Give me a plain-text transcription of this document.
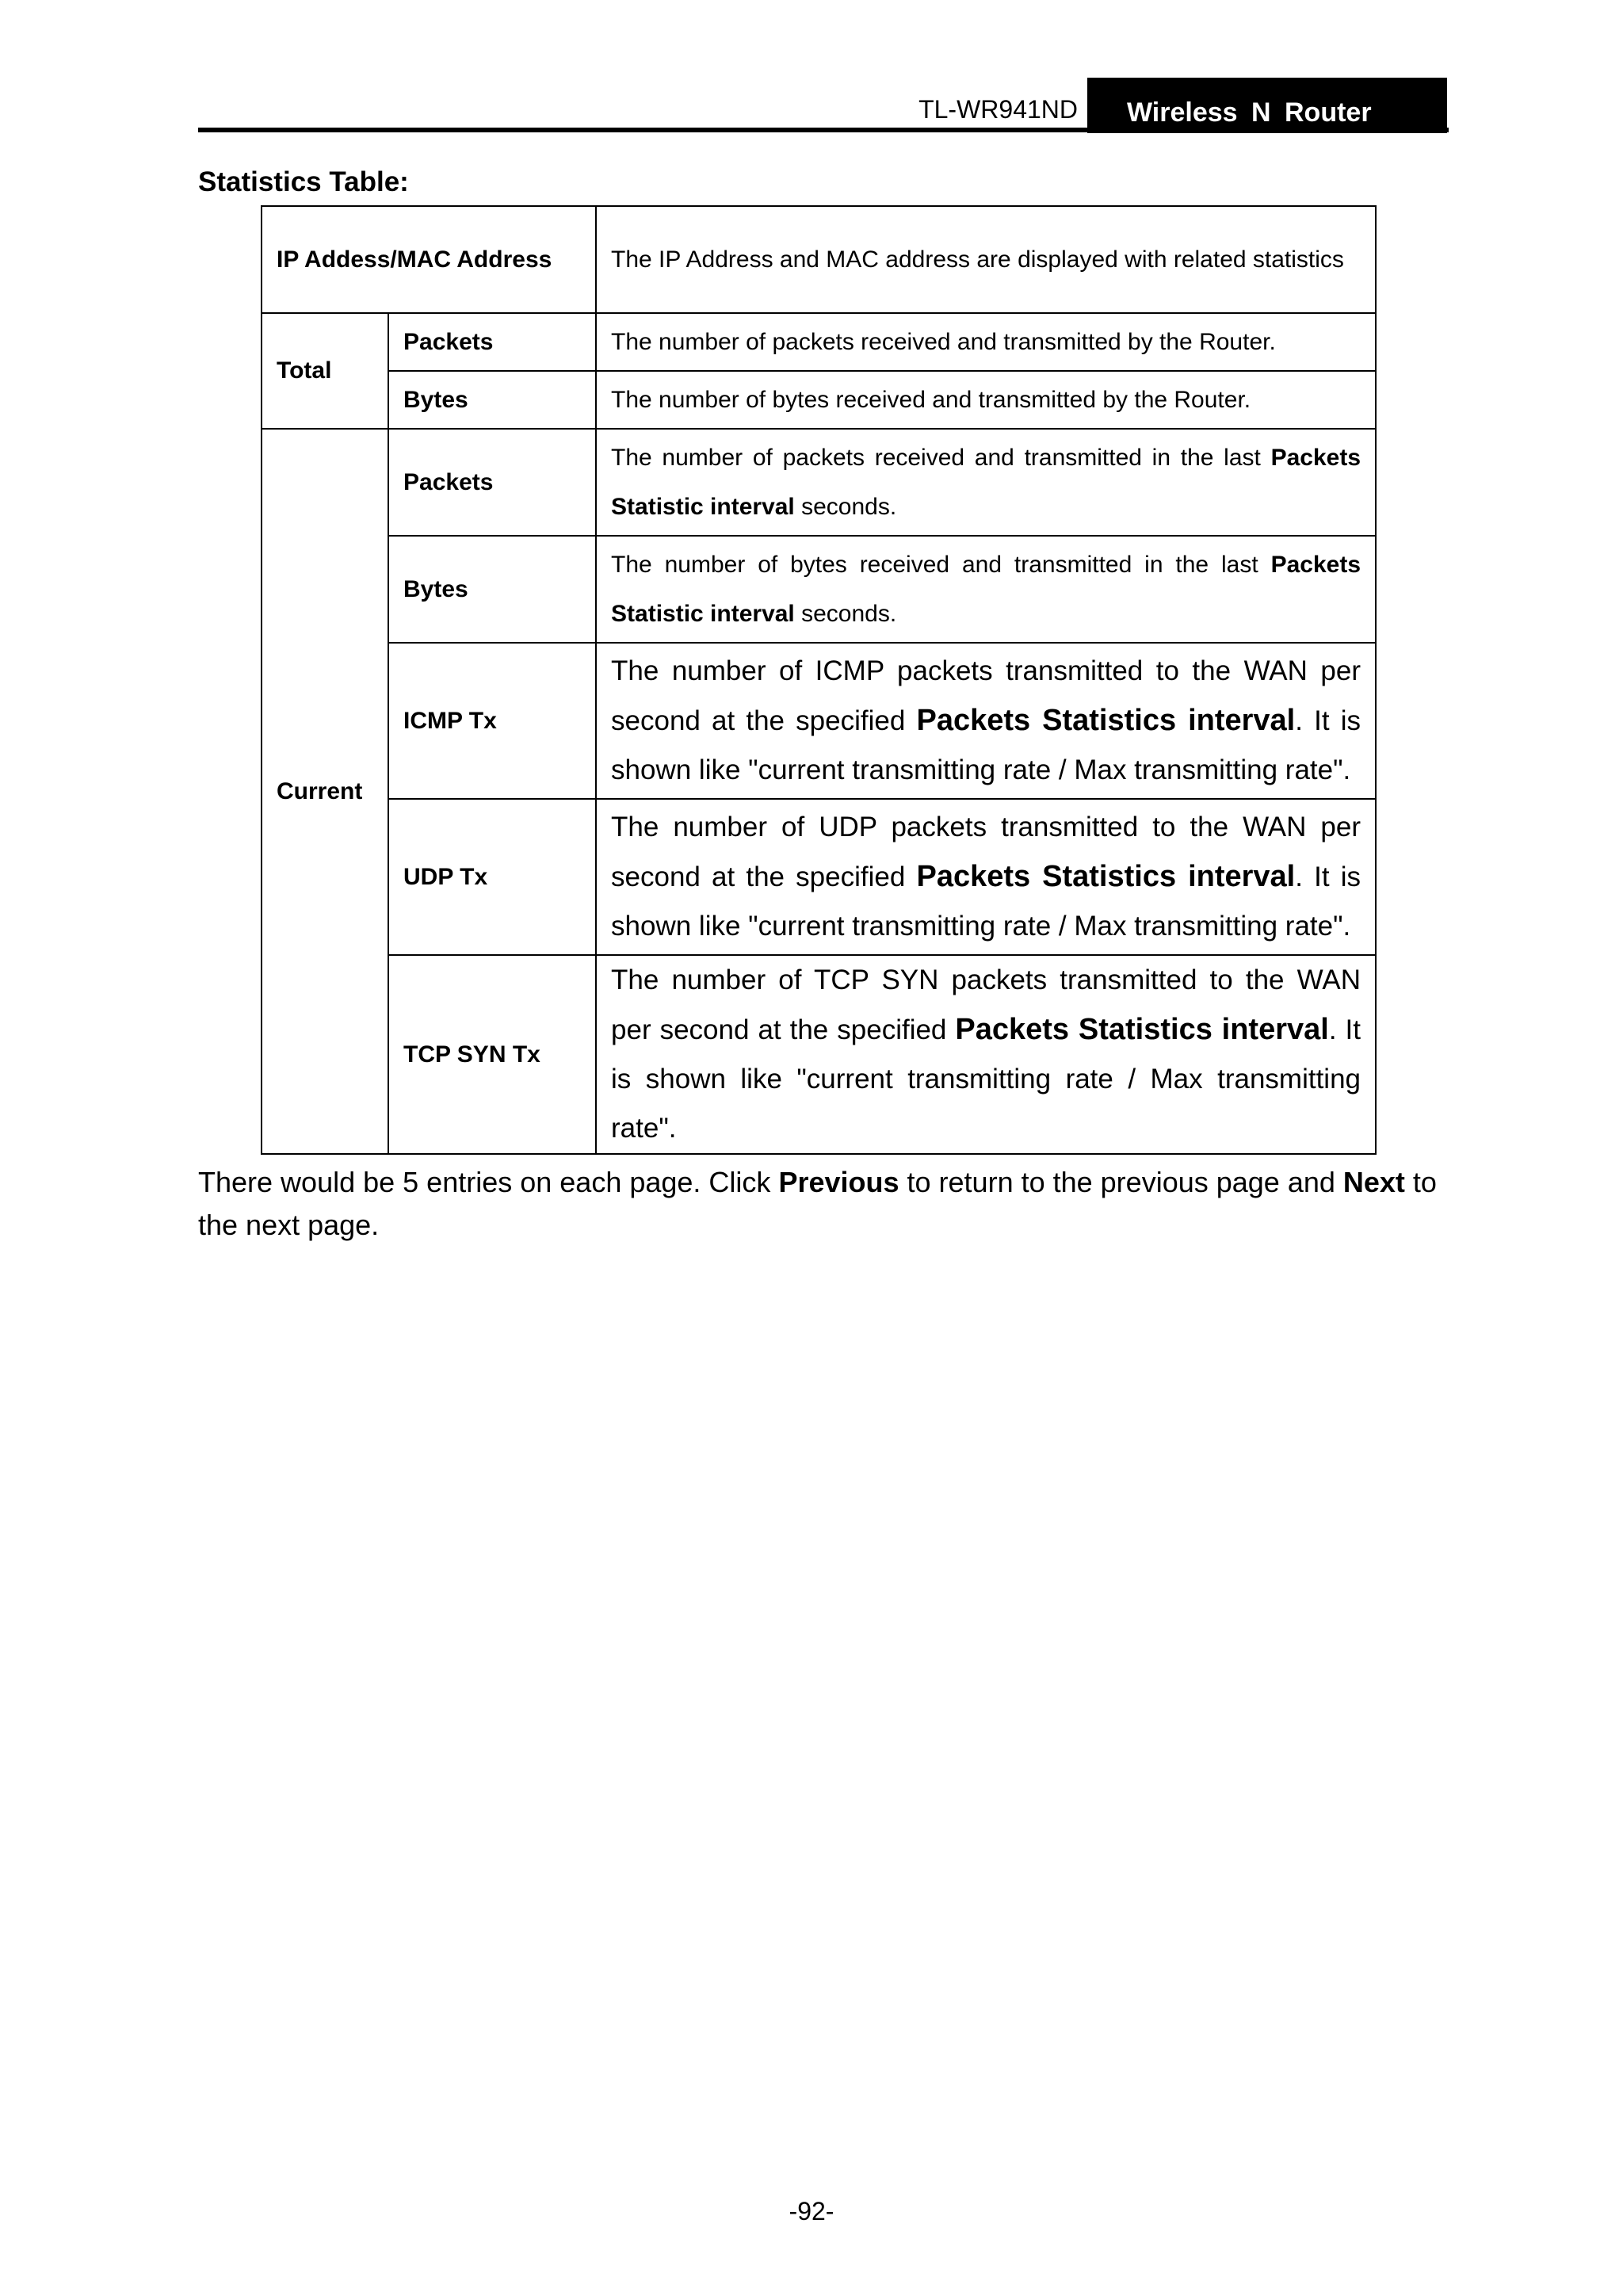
TL-WR941ND Wireless N Router
Statistics Table:
IP Addess/MAC Address		The IP Address and MAC address are displayed with related statistics
Total	Packets	The number of packets received and transmitted by the Router.
	Bytes	The number of bytes received and transmitted by the Router.
Current	Packets	The number of packets received and transmitted in the last Packets Statistic interval seconds.
	Bytes	The number of bytes received and transmitted in the last Packets Statistic interval seconds.
	ICMP Tx	The number of ICMP packets transmitted to the WAN per second at the specified Packets Statistics interval. It is shown like "current transmitting rate / Max transmitting rate".
	UDP Tx	The number of UDP packets transmitted to the WAN per second at the specified Packets Statistics interval. It is shown like "current transmitting rate / Max transmitting rate".
	TCP SYN Tx	The number of TCP SYN packets transmitted to the WAN per second at the specified Packets Statistics interval. It is shown like "current transmitting rate / Max transmitting rate".
There would be 5 entries on each page. Click Previous to return to the previous page and Next to the next page.
-92-
